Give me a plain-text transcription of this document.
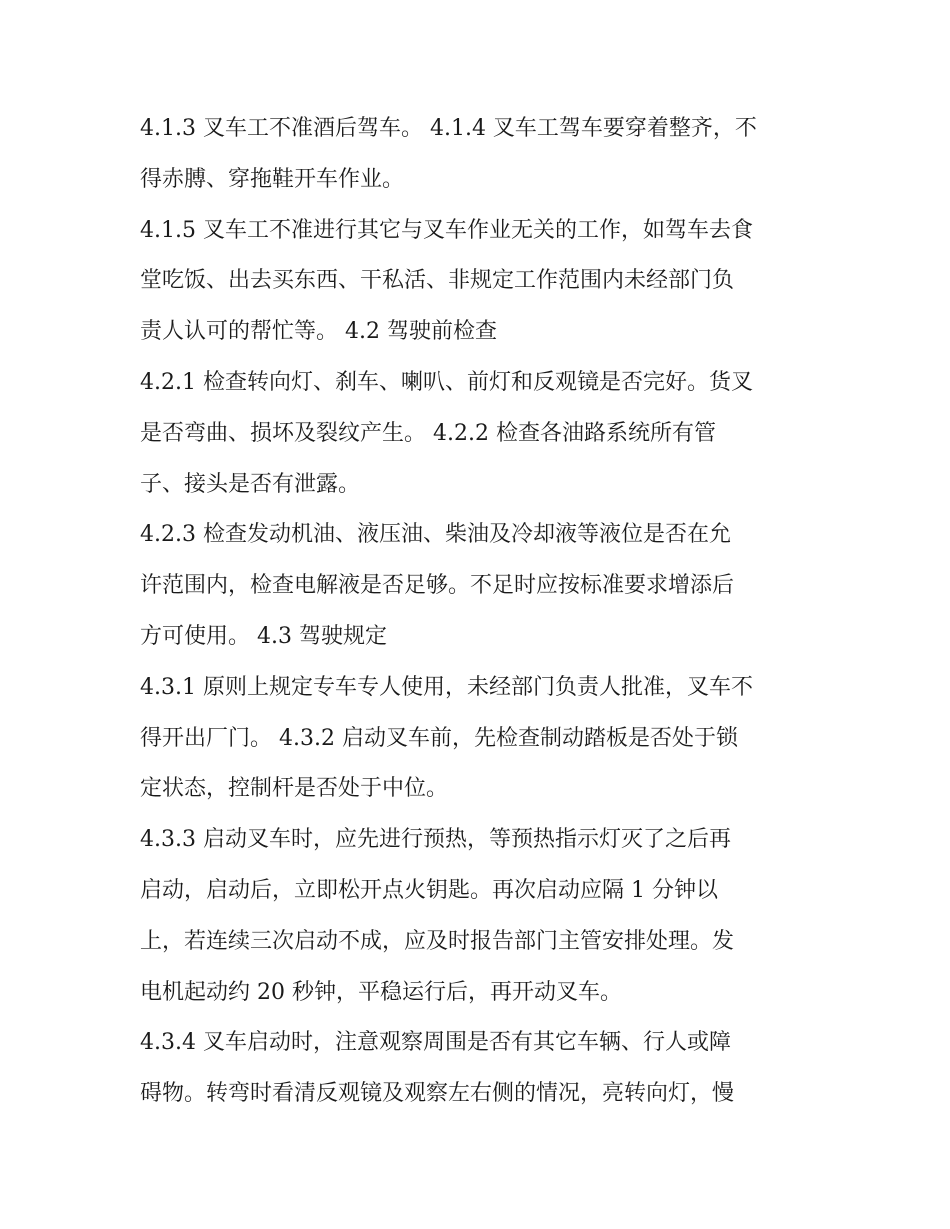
4.1.3 叉车工不准酒后驾车。 4.1.4 叉车工驾车要穿着整齐，不
得赤膊、穿拖鞋开车作业。
4.1.5 叉车工不准进行其它与叉车作业无关的工作，如驾车去食
堂吃饭、出去买东西、干私活、非规定工作范围内未经部门负
责人认可的帮忙等。 4.2 驾驶前检查
4.2.1 检查转向灯、刹车、喇叭、前灯和反观镜是否完好。货叉
是否弯曲、损坏及裂纹产生。 4.2.2 检查各油路系统所有管
子、接头是否有泄露。
4.2.3 检查发动机油、液压油、柴油及冷却液等液位是否在允
许范围内，检查电解液是否足够。不足时应按标准要求增添后
方可使用。 4.3 驾驶规定
4.3.1 原则上规定专车专人使用，未经部门负责人批准，叉车不
得开出厂门。 4.3.2 启动叉车前，先检查制动踏板是否处于锁
定状态，控制杆是否处于中位。
4.3.3 启动叉车时，应先进行预热，等预热指示灯灭了之后再
启动，启动后，立即松开点火钥匙。再次启动应隔 1 分钟以
上，若连续三次启动不成，应及时报告部门主管安排处理。发
电机起动约 20 秒钟，平稳运行后，再开动叉车。
4.3.4 叉车启动时，注意观察周围是否有其它车辆、行人或障
碍物。转弯时看清反观镜及观察左右侧的情况，亮转向灯，慢
